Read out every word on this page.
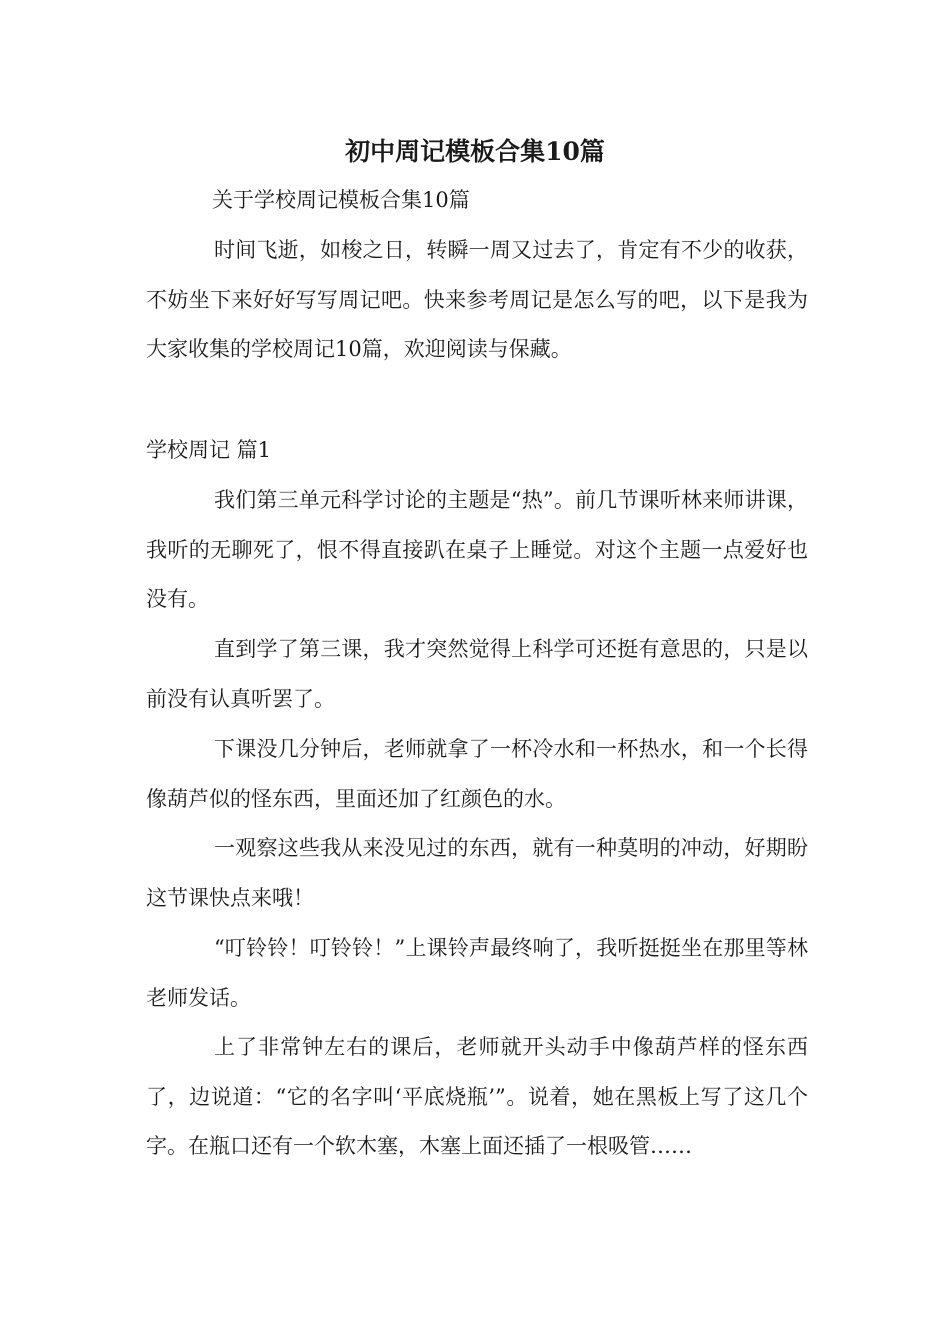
初中周记模板合集10篇

关于学校周记模板合集10篇

时间飞逝，如梭之日，转瞬一周又过去了，肯定有不少的收获，不妨坐下来好好写写周记吧。快来参考周记是怎么写的吧，以下是我为大家收集的学校周记10篇，欢迎阅读与保藏。

学校周记 篇1

我们第三单元科学讨论的主题是“热”。前几节课听林来师讲课，我听的无聊死了，恨不得直接趴在桌子上睡觉。对这个主题一点爱好也没有。

直到学了第三课，我才突然觉得上科学可还挺有意思的，只是以前没有认真听罢了。

下课没几分钟后，老师就拿了一杯冷水和一杯热水，和一个长得像葫芦似的怪东西，里面还加了红颜色的水。

一观察这些我从来没见过的东西，就有一种莫明的冲动，好期盼这节课快点来哦！

“叮铃铃！叮铃铃！”上课铃声最终响了，我听挺挺坐在那里等林老师发话。

上了非常钟左右的课后，老师就开头动手中像葫芦样的怪东西了，边说道：“它的名字叫‘平底烧瓶’”。说着，她在黑板上写了这几个字。在瓶口还有一个软木塞，木塞上面还插了一根吸管……
